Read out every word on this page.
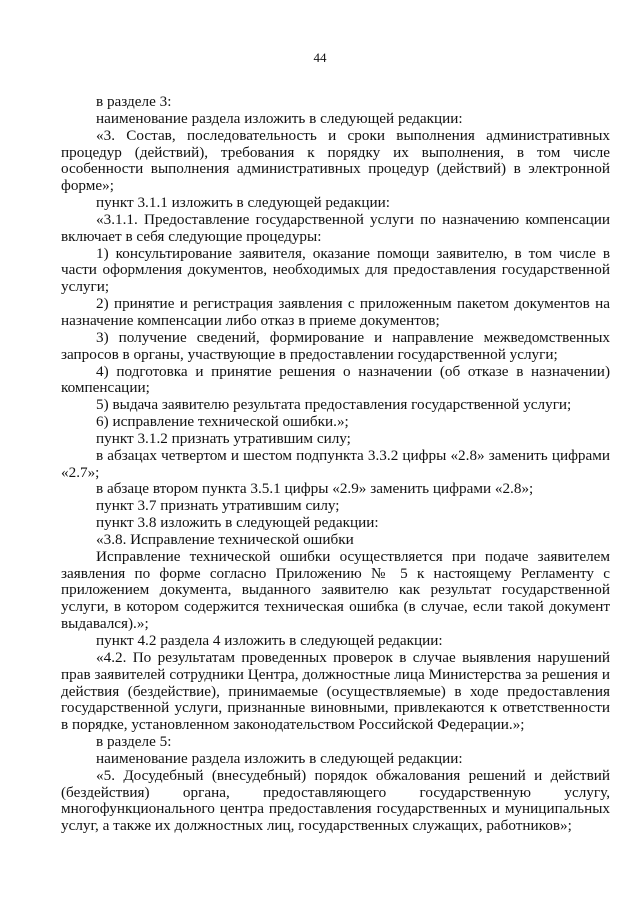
44

в разделе 3:

наименование раздела изложить в следующей редакции:

«3. Состав, последовательность и сроки выполнения административных процедур (действий), требования к порядку их выполнения, в том числе особенности выполнения административных процедур (действий) в электронной форме»;

пункт 3.1.1 изложить в следующей редакции:

«3.1.1. Предоставление государственной услуги по назначению компенсации включает в себя следующие процедуры:

1) консультирование заявителя, оказание помощи заявителю, в том числе в части оформления документов, необходимых для предоставления государственной услуги;

2) принятие и регистрация заявления с приложенным пакетом документов на назначение компенсации либо отказ в приеме документов;

3) получение сведений, формирование и направление межведомственных запросов в органы, участвующие в предоставлении государственной услуги;

4) подготовка и принятие решения о назначении (об отказе в назначении) компенсации;

5) выдача заявителю результата предоставления государственной услуги;

6) исправление технической ошибки.»;

пункт 3.1.2 признать утратившим силу;

в абзацах четвертом и шестом подпункта 3.3.2 цифры «2.8» заменить цифрами «2.7»;

в абзаце втором пункта 3.5.1 цифры «2.9» заменить цифрами «2.8»;

пункт 3.7 признать утратившим силу;

пункт 3.8 изложить в следующей редакции:

«3.8. Исправление технической ошибки

Исправление технической ошибки осуществляется при подаче заявителем заявления по форме согласно Приложению № 5 к настоящему Регламенту с приложением документа, выданного заявителю как результат государственной услуги, в котором содержится техническая ошибка (в случае, если такой документ выдавался).»;

пункт 4.2 раздела 4 изложить в следующей редакции:

«4.2. По результатам проведенных проверок в случае выявления нарушений прав заявителей сотрудники Центра, должностные лица Министерства за решения и действия (бездействие), принимаемые (осуществляемые) в ходе предоставления государственной услуги, признанные виновными, привлекаются к ответственности в порядке, установленном законодательством Российской Федерации.»;

в разделе 5:

наименование раздела изложить в следующей редакции:

«5. Досудебный (внесудебный) порядок обжалования решений и действий (бездействия) органа, предоставляющего государственную услугу, многофункционального центра предоставления государственных и муниципальных услуг, а также их должностных лиц, государственных служащих, работников»;
